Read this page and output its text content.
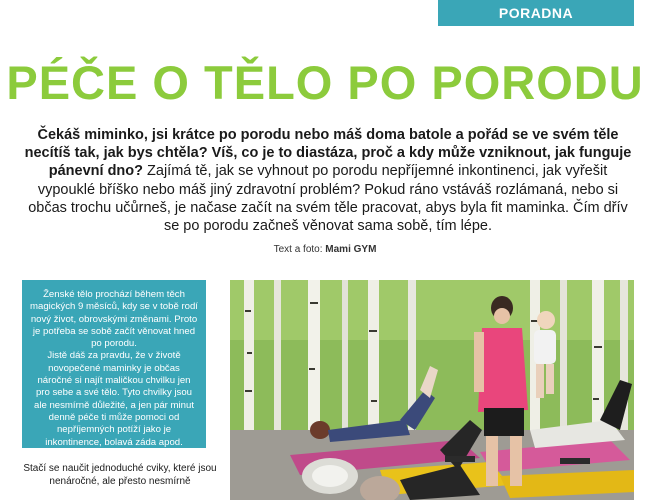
PORADNA
PÉČE O TĚLO PO PORODU

Čekáš miminko, jsi krátce po porodu nebo máš doma batole a pořád se ve svém těle necítíš tak, jak bys chtěla? Víš, co je to diastáza, proč a kdy může vzniknout, jak funguje pánevní dno? Zajímá tě, jak se vyhnout po porodu nepříjemné inkontinenci, jak vyřešit vypouklé bříško nebo máš jiný zdravotní problém? Pokud ráno vstáváš rozlámaná, nebo si občas trochu učůrneš, je načase začít na svém těle pracovat, abys byla fit maminka. Čím dřív se po porodu začneš věnovat sama sobě, tím lépe.

Text a foto: Mami GYM

Ženské tělo prochází během těch magických 9 měsíců, kdy se v tobě rodí nový život, obrovskými změnami. Proto je potřeba se sobě začít věnovat hned po porodu.

Jistě dáš za pravdu, že v životě novopečené maminky je občas náročné si najít maličkou chvilku jen pro sebe a své tělo. Tyto chvilky jsou ale nesmírně důležité, a jen pár minut denně péče ti může pomoci od nepříjemných potíží jako je inkontinence, bolavá záda apod.

Stačí se naučit jednoduché cviky, které jsou nenáročné, ale přesto nesmírně
